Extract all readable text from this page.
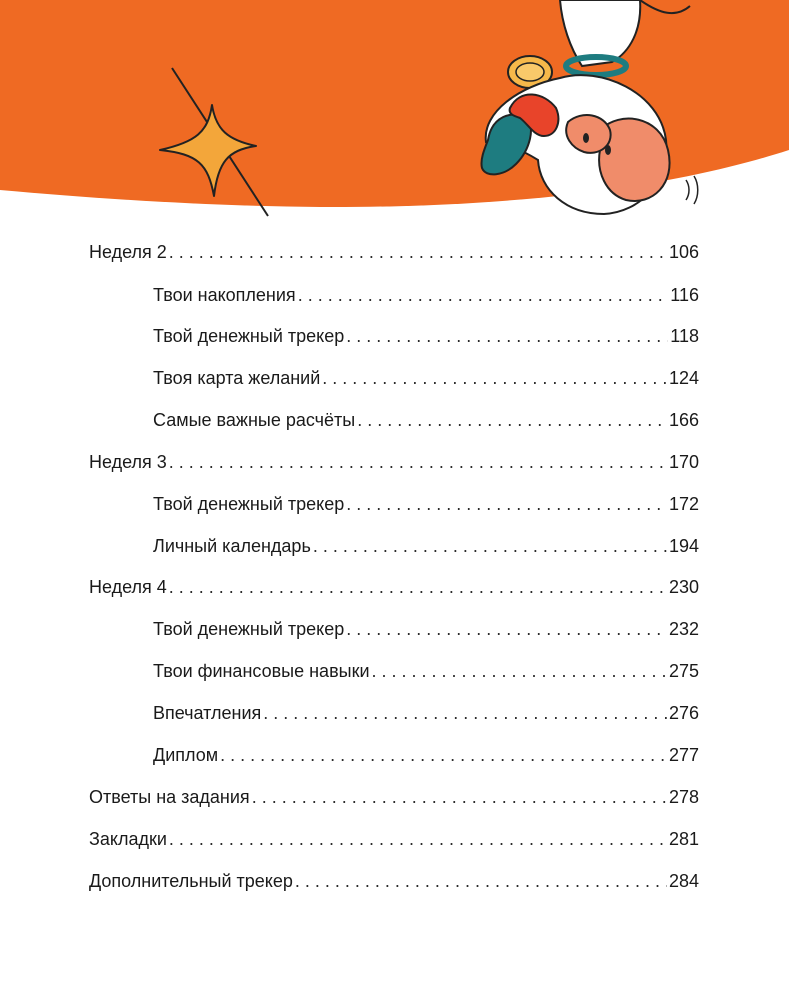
Неделя 2 . . .	106
Твои накопления . . .	116
Твой денежный трекер . . .	118
Твоя карта желаний . . .	124
Самые важные расчёты . . .	166
Неделя 3 . . .	170
Твой денежный трекер . . .	172
Личный календарь . . .	194
Неделя 4 . . .	230
Твой денежный трекер . . .	232
Твои финансовые навыки . . .	275
Впечатления . . .	276
Диплом . . .	277
Ответы на задания . . .	278
Закладки . . .	281
Дополнительный трекер . . .	284
